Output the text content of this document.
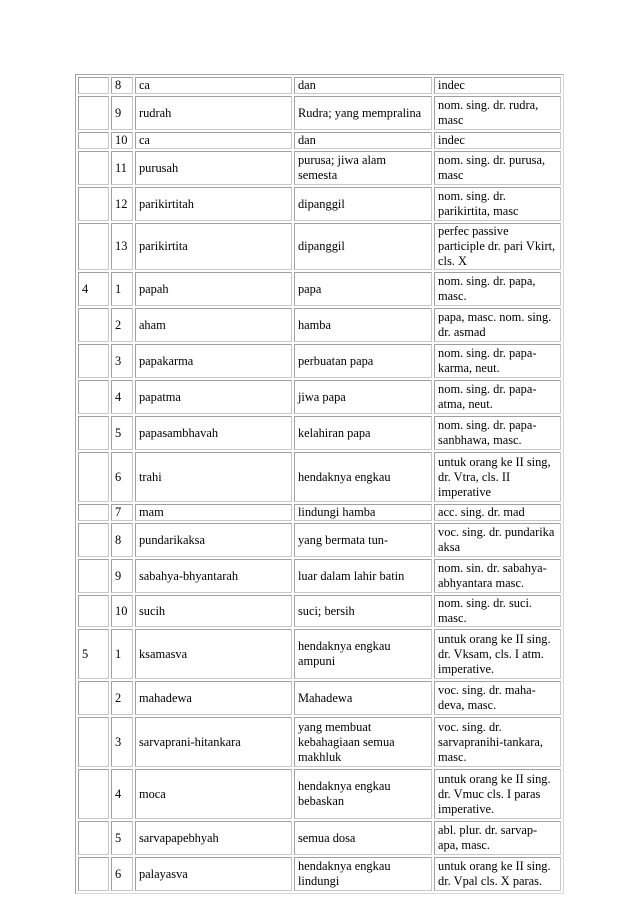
	8	ca	dan	indec
	9	rudrah	Rudra; yang mempralina	nom. sing. dr. rudra, masc
	10	ca	dan	indec
	11	purusah	purusa; jiwa alam semesta	nom. sing. dr. purusa, masc
	12	parikirtitah	dipanggil	nom. sing. dr. parikirtita, masc
	13	parikirtita	dipanggil	perfec passive participle dr. pari Vkirt, cls. X
4	1	papah	papa	nom. sing. dr. papa, masc.
	2	aham	hamba	papa, masc. nom. sing. dr. asmad
	3	papakarma	perbuatan papa	nom. sing. dr. papa-karma, neut.
	4	papatma	jiwa papa	nom. sing. dr. papa-atma, neut.
	5	papasambhavah	kelahiran papa	nom. sing. dr. papa-sanbhawa, masc.
	6	trahi	hendaknya engkau	untuk orang ke II sing, dr. Vtra, cls. II imperative
	7	mam	lindungi hamba	acc. sing. dr. mad
	8	pundarikaksa	yang bermata tun-	voc. sing. dr. pundarika aksa
	9	sabahya-bhyantarah	luar dalam lahir batin	nom. sin. dr. sabahya-abhyantara masc.
	10	sucih	suci; bersih	nom. sing. dr. suci. masc.
5	1	ksamasva	hendaknya engkau ampuni	untuk orang ke II sing. dr. Vksam, cls. I atm. imperative.
	2	mahadewa	Mahadewa	voc. sing. dr. maha-deva, masc.
	3	sarvaprani-hitankara	yang membuat kebahagiaan semua makhluk	voc. sing. dr. sarvapranihi-tankara, masc.
	4	moca	hendaknya engkau bebaskan	untuk orang ke II sing. dr. Vmuc cls. I paras imperative.
	5	sarvapapebhyah	semua dosa	abl. plur. dr. sarvap-apa, masc.
	6	palayasva	hendaknya engkau lindungi	untuk orang ke II sing. dr. Vpal cls. X paras.
